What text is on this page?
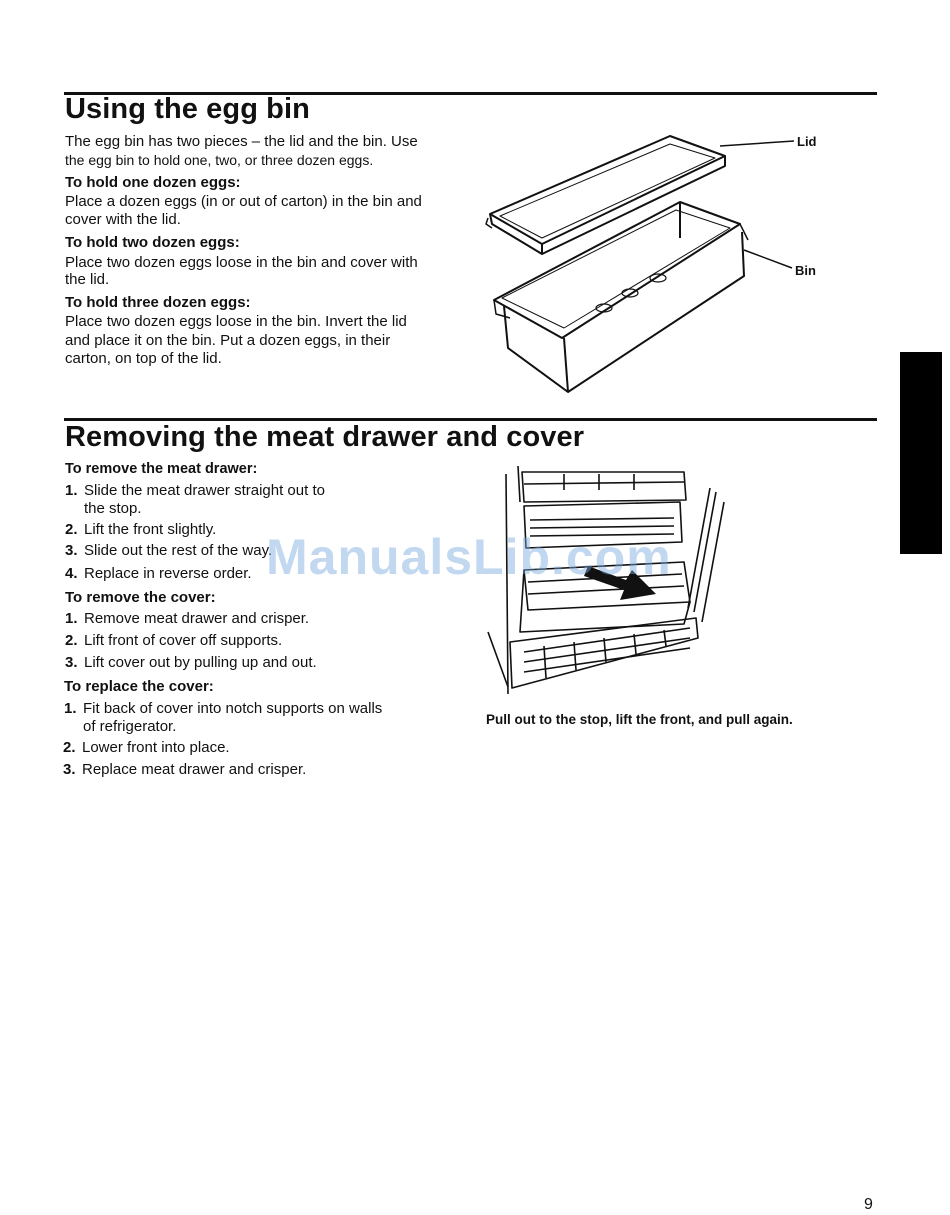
Using the egg bin

The egg bin has two pieces – the lid and the bin. Use

the egg bin to hold one, two, or three dozen eggs.

To hold one dozen eggs:

Place a dozen eggs (in or out of carton) in the bin and

cover with the lid.

To hold two dozen eggs:

Place two dozen eggs loose in the bin and cover with

the lid.

To hold three dozen eggs:

Place two dozen eggs loose in the bin. Invert the lid

and place it on the bin. Put a dozen eggs, in their

carton, on top of the lid.

Lid
Bin
Removing the meat drawer and cover

To remove the meat drawer:

1. Slide the meat drawer straight out to
the stop.

2. Lift the front slightly.

3. Slide out the rest of the way.

4. Replace in reverse order.

To remove the cover:

1. Remove meat drawer and crisper.

2. Lift front of cover off supports.

3. Lift cover out by pulling up and out.

To replace the cover:

1. Fit back of cover into notch supports on walls
of refrigerator.

2. Lower front into place.

3. Replace meat drawer and crisper.

Pull out to the stop, lift the front, and pull again.

ManualsLib.com
9
